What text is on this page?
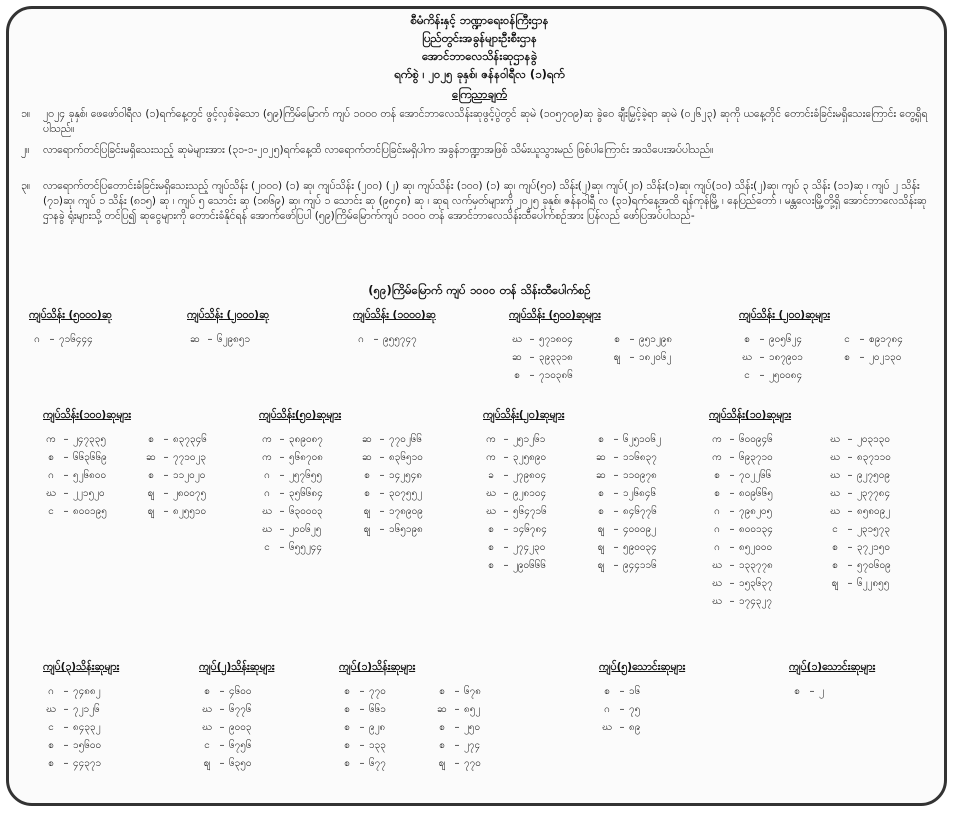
စီမံကိန်းနှင့် ဘဏ္ဍာရေးဝန်ကြီးဌာန
ပြည်တွင်းအခွန်များဦးစီးဌာန
အောင်ဘာလေသိန်းဆုဌာနခွဲ
ရက်စွဲ ၊ ၂၀၂၅ ခုနှစ်၊ ဇန်နဝါရီလ (၁)ရက်
ကြေညာချက်
၁။	၂၀၂၄ ခုနှစ်၊ ဖေဖော်ဝါရီလ (၁)ရက်နေ့တွင် ဖွင့်လှစ်ခဲ့သော (၅၉)ကြိမ်မြောက် ကျပ် ၁၀၀၀ တန် အောင်ဘာလေသိန်းဆုဖွင့်ပွဲတွင် ဆုမဲ (၁၀၅၇၀၉)ဆု ခွဲဝေ ချီးမြှင့်ခဲ့ရာ ဆုမဲ (၀၂၆၂၃) ဆုကို ယနေ့တိုင် တောင်းခံခြင်းမရှိသေးကြောင်း တွေ့ရှိရပါသည်။
၂။	လာရောက်တင်ပြခြင်းမရှိသေးသည့် ဆုမဲများအား (၃၁-၁-၂၀၂၅)ရက်နေ့ထိ လာရောက်တင်ပြခြင်းမရှိပါက အခွန်ဘဏ္ဍာအဖြစ် သိမ်းယူသွားမည် ဖြစ်ပါကြောင်း အသိပေးအပ်ပါသည်။
၃။	လာရောက်တင်ပြတောင်းခံခြင်းမရှိသေးသည့် ကျပ်သိန်း (၂၀၀၀) (၁) ဆု၊ ကျပ်သိန်း (၂၀၀) (၂) ဆု၊ ကျပ်သိန်း (၁၀၀) (၁) ဆု၊ ကျပ်(၅၀) သိန်း(၂)ဆု၊ ကျပ်(၂၀) သိန်း(၁)ဆု၊ ကျပ်(၁၀) သိန်း(၂)ဆု၊ ကျပ် ၃ သိန်း (၁၁)ဆု ၊ ကျပ် ၂ သိန်း (၇၁)ဆု၊ ကျပ် ၁ သိန်း (၈၁၅) ဆု ၊ ကျပ် ၅ သောင်း ဆု (၁၈၆၉) ဆု၊ ကျပ် ၁ သောင်း ဆု (၉၈၄၈) ဆု ၊ ဆုရ လက်မှတ်များကို ၂၀၂၅ ခုနှစ်၊ ဇန်နဝါရီ လ (၃၁)ရက်နေ့အထိ ရန်ကုန်မြို့ ၊ နေပြည်တော် ၊ မန္တလေးမြို့တို့ရှိ အောင်ဘာလေသိန်းဆုဌာနခွဲ ရုံးများသို့ တင်ပြ၍ ဆုငွေများကို တောင်းခံနိုင်ရန် အောက်ဖော်ပြပါ (၅၉)ကြိမ်မြောက်ကျပ် ၁၀၀၀ တန် အောင်ဘာလေသိန်းထီပေါက်စဉ်အား ပြန်လည် ဖော်ပြအပ်ပါသည်-
(၅၉)ကြိမ်မြောက် ကျပ် ၁၀၀၀ တန် သိန်းထီပေါက်စဉ်
ကျပ်သိန်း (၅၀၀၀)ဆု
ဂ – ၇၁၆၄၄၄
ကျပ်သိန်း (၂၀၀၀)ဆု
ဆ – ၆၂၉၈၅၁
ကျပ်သိန်း (၁၀၀၀)ဆု
ဂ – ၉၅၅၇၄၇
ကျပ်သိန်း (၅၀၀)ဆုများ
ဃ – ၅၇၁၈၀၄	စ – ၉၅၁၂၉၈
ဆ – ၃၉၃၃၁၈	ဈ – ၁၈၂၀၆၂
စ – ၇၁၀၃၈၆
ကျပ်သိန်း (၂၀၀)ဆုများ
စ – ၉၀၅၆၂၄	င – စ၉၁၇၈၄
ဃ – ၁၈၇၉၀၁	စ – ၂၀၂၁၃၀
င – ၂၅၀၀၈၄
ကျပ်သိန်း(၁၀၀)ဆုများ
က – ၂၄၇၃၃၅	စ – ၈၃၇၃၄၆
စ – ၆၆၃၆၆၉	ဆ – ၇၇၁၀၂၃
ဂ – ၅၂၆၈၀၀	စ – ၁၁၂၀၂၀
ဃ – ၂၂၁၅၂၀	ဈ – ၂၈၀၀၇၅
င – ၈၀၀၁၉၅	ဈ – ၈၂၅၅၁၀
ကျပ်သိန်း(၅၀)ဆုများ
က – ၃၈၉၀၈၇	ဆ – ၇၇၀၂၆၆
က – ၅၆၈၇၀၈	ဆ – ၈၃၆၅၁၀
ဂ – ၂၅၇၆၅၅	စ – ၁၄၂၅၄၈
ဂ – ၃၅၆၆၈၄	စ – ၃၀၇၅၅၂
ဃ – ၆၃၀၀၀၃	ဈ – ၁၇၈၉၀၉
ဃ – ၂၀၀၆၂၅	ဈ – ၁၆၅၁၉၈
င – ၆၅၅၂၄၄
ကျပ်သိန်း(၂၀)ဆုများ
က – ၂၅၁၂၆၁	စ – ၆၂၅၁၀၆၂
က – ၃၂၅၈၉၀	ဆ – ၁၁၆၈၃၇
ခ – ၂၇၉၈၀၄	ဆ – ၁၁၀၉၇၈
ဃ – ၉၂၈၁၀၄	စ – ၁၂၆၈၄၆
ဃ – ၅၆၄၇၁၆	စ – ၈၄၆၇၇၆
စ – ၁၄၆၇၈၄	ဈ – ၄၀၀၀၉၂
စ – ၂၇၄၂၃၀	ဈ – ၅၉၀၀၃၄
စ – ၂၉၀၆၆၆	ဈ – ၉၄၄၁၁၆
ကျပ်သိန်း(၁၀)ဆုများ
က – ၆၀၀၉၄၆	ဃ – ၂၀၃၁၃၀
က – ၆၉၃၇၁၀	ဃ – ၈၃၇၁၁၀
စ – ၇၀၂၂၆၆	ဃ – ၉၂၇၅၀၉
စ – ၈၀၉၆၆၅	ဃ – ၂၃၇၇၈၄
ဂ – ၇၉၈၂၀၅	ဃ – ၈၅၈၀၉၂
ဂ – ၈၀၀၁၃၄	င – ၂၃၁၅၇၃
ဂ – ၈၅၂၀၀၀	စ – ၃၇၂၁၅၀
ဃ – ၁၃၃၇၇၈	စ – ၅၇၀၆၀၉
ဃ – ၁၅၃၆၃၇	ဈ – ၆၂၂၈၅၅
ဃ – ၁၇၄၃၂၇
ကျပ်(၃)သိန်းဆုများ
ဂ – ၇၄၈၈၂
ဃ – ၇၂၁၂၆
င – ၈၄၃၃၂
စ – ၁၅၆၀၀
စ – ၄၄၃၇၁
ကျပ်(၂)သိန်းဆုများ
စ – ၄၆၀၀
ဃ – ၆၇၇၆
ဃ – ၉၀၀၃
င – ၆၇၅၆
ဈ – ၆၃၅၀
ကျပ်(၁)သိန်းဆုများ
စ – ၇၇၀	စ – ၆၇၈
စ – ၆၆၁	ဆ – ၈၅၂
စ – ၉၂၈	စ – ၂၅၀
စ – ၁၃၃	စ – ၂၇၄
စ – ၆၇၇	ဈ – ၇၇၀
ကျပ်(၅)သောင်းဆုများ
စ – ၁၆
ဂ – ၇၅
ဃ – ၈၉
ကျပ်(၁)သောင်းဆုများ
စ – ၂
